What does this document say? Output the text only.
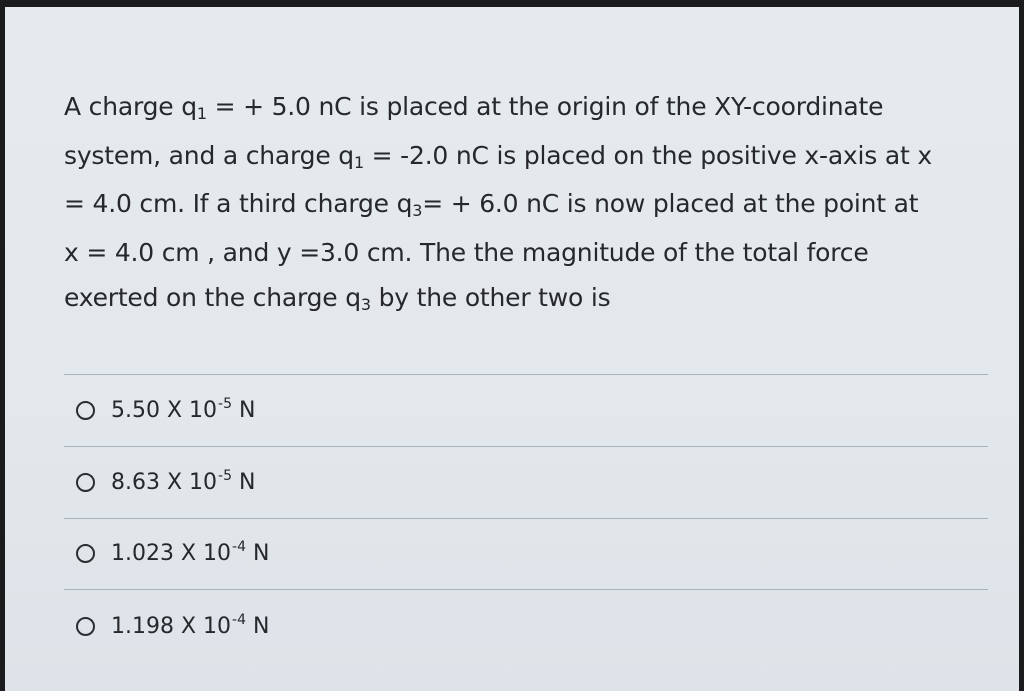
A charge q1 = + 5.0 nC is placed at the origin of the XY-coordinate
system, and a charge q1 = -2.0 nC is placed on the positive x-axis at x
= 4.0 cm. If a third charge q3= + 6.0 nC is now placed at the point at
x = 4.0 cm , and y =3.0 cm. The the magnitude of the total force
exerted on the charge q3 by the other two is
5.50 X $10^{-5}$ N
8.63 X $10^{-5}$ N
1.023 X $10^{-4}$ N
1.198 X $10^{-4}$ N
